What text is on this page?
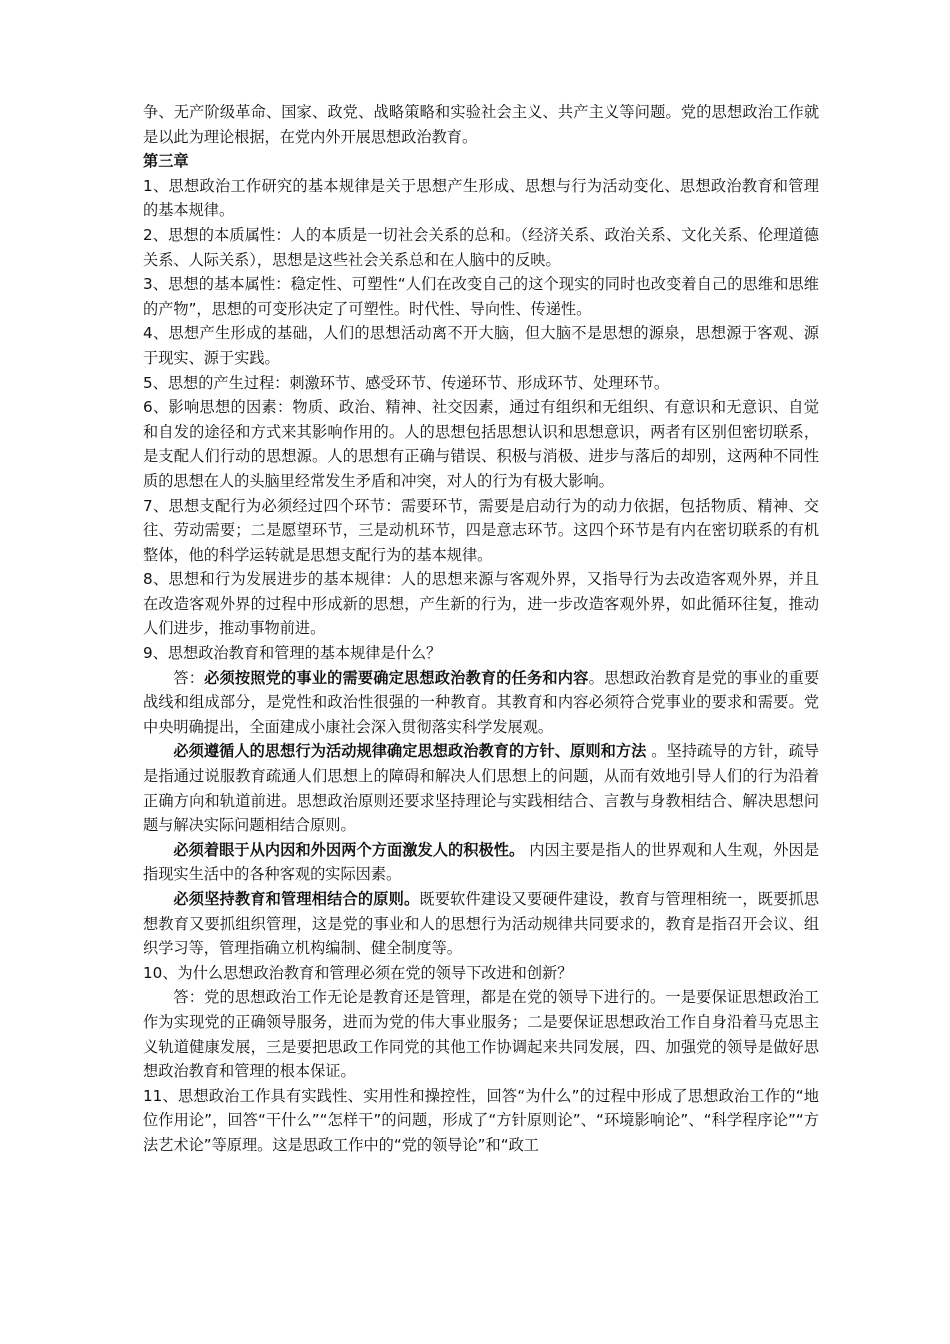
争、无产阶级革命、国家、政党、战略策略和实验社会主义、共产主义等问题。党的思想政治工作就是以此为理论根据，在党内外开展思想政治教育。

第三章

1、思想政治工作研究的基本规律是关于思想产生形成、思想与行为活动变化、思想政治教育和管理的基本规律。

2、思想的本质属性：人的本质是一切社会关系的总和。（经济关系、政治关系、文化关系、伦理道德关系、人际关系），思想是这些社会关系总和在人脑中的反映。

3、思想的基本属性：稳定性、可塑性“人们在改变自己的这个现实的同时也改变着自己的思维和思维的产物”，思想的可变形决定了可塑性。时代性、导向性、传递性。

4、思想产生形成的基础，人们的思想活动离不开大脑，但大脑不是思想的源泉，思想源于客观、源于现实、源于实践。

5、思想的产生过程：刺激环节、感受环节、传递环节、形成环节、处理环节。

6、影响思想的因素：物质、政治、精神、社交因素，通过有组织和无组织、有意识和无意识、自觉和自发的途径和方式来其影响作用的。人的思想包括思想认识和思想意识，两者有区别但密切联系，是支配人们行动的思想源。人的思想有正确与错误、积极与消极、进步与落后的却别，这两种不同性质的思想在人的头脑里经常发生矛盾和冲突，对人的行为有极大影响。

7、思想支配行为必须经过四个环节：需要环节，需要是启动行为的动力依据，包括物质、精神、交往、劳动需要；二是愿望环节，三是动机环节，四是意志环节。这四个环节是有内在密切联系的有机整体，他的科学运转就是思想支配行为的基本规律。

8、思想和行为发展进步的基本规律：人的思想来源与客观外界，又指导行为去改造客观外界，并且在改造客观外界的过程中形成新的思想，产生新的行为，进一步改造客观外界，如此循环往复，推动人们进步，推动事物前进。

9、思想政治教育和管理的基本规律是什么？

答：必须按照党的事业的需要确定思想政治教育的任务和内容。思想政治教育是党的事业的重要战线和组成部分，是党性和政治性很强的一种教育。其教育和内容必须符合党事业的要求和需要。党中央明确提出，全面建成小康社会深入贯彻落实科学发展观。

必须遵循人的思想行为活动规律确定思想政治教育的方针、原则和方法 。坚持疏导的方针，疏导是指通过说服教育疏通人们思想上的障碍和解决人们思想上的问题，从而有效地引导人们的行为沿着正确方向和轨道前进。思想政治原则还要求坚持理论与实践相结合、言教与身教相结合、解决思想问题与解决实际问题相结合原则。

必须着眼于从内因和外因两个方面激发人的积极性。 内因主要是指人的世界观和人生观，外因是指现实生活中的各种客观的实际因素。

必须坚持教育和管理相结合的原则。既要软件建设又要硬件建设，教育与管理相统一，既要抓思想教育又要抓组织管理，这是党的事业和人的思想行为活动规律共同要求的，教育是指召开会议、组织学习等，管理指确立机构编制、健全制度等。

10、为什么思想政治教育和管理必须在党的领导下改进和创新？

答：党的思想政治工作无论是教育还是管理，都是在党的领导下进行的。一是要保证思想政治工作为实现党的正确领导服务，进而为党的伟大事业服务；二是要保证思想政治工作自身沿着马克思主义轨道健康发展，三是要把思政工作同党的其他工作协调起来共同发展，四、加强党的领导是做好思想政治教育和管理的根本保证。

11、思想政治工作具有实践性、实用性和操控性，回答“为什么”的过程中形成了思想政治工作的“地位作用论”，回答“干什么”“怎样干”的问题，形成了“方针原则论”、“环境影响论”、“科学程序论”“方法艺术论”等原理。这是思政工作中的“党的领导论”和“政工
